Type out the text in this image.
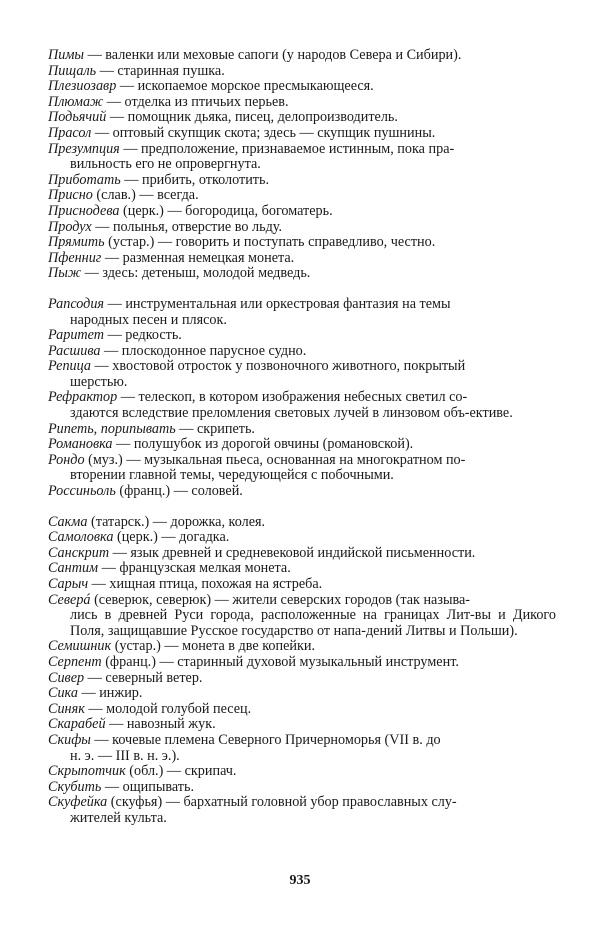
Пимы — валенки или меховые сапоги (у народов Севера и Сибири).

Пищаль — старинная пушка.

Плезиозавр — ископаемое морское пресмыкающееся.

Плюмаж — отделка из птичьих перьев.

Подьячий — помощник дьяка, писец, делопроизводитель.

Прасол — оптовый скупщик скота; здесь — скупщик пушнины.

Презумпция — предположение, признаваемое истинным, пока пра-
вильность его не опровергнута.

Приботать — прибить, отколотить.

Присно (слав.) — всегда.

Приснодева (церк.) — богородица, богоматерь.

Продух — полынья, отверстие во льду.

Прямить (устар.) — говорить и поступать справедливо, честно.

Пфенниг — разменная немецкая монета.

Пыж — здесь: детеныш, молодой медведь.

Рапсодия — инструментальная или оркестровая фантазия на темы
народных песен и плясок.

Раритет — редкость.

Расшива — плоскодонное парусное судно.

Репица — хвостовой отросток у позвоночного животного, покрытый
шерстью.

Рефрактор — телескоп, в котором изображения небесных светил со-
здаются вследствие преломления световых лучей в линзовом объ-ективе.

Рипеть, порипывать — скрипеть.

Романовка — полушубок из дорогой овчины (романовской).

Рондо (муз.) — музыкальная пьеса, основанная на многократном по-
вторении главной темы, чередующейся с побочными.

Россиньоль (франц.) — соловей.

Сакма (татарск.) — дорожка, колея.

Самоловка (церк.) — догадка.

Санскрит — язык древней и средневековой индийской письменности.

Сантим — французская мелкая монета.

Сарыч — хищная птица, похожая на ястреба.

Северá (северюк, северюк) — жители северских городов (так называ-
лись в древней Руси города, расположенные на границах Лит-вы и Дикого Поля, защищавшие Русское государство от напа-дений Литвы и Польши).

Семишник (устар.) — монета в две копейки.

Серпент (франц.) — старинный духовой музыкальный инструмент.

Сивер — северный ветер.

Сика — инжир.

Синяк — молодой голубой песец.

Скарабей — навозный жук.

Скифы — кочевые племена Северного Причерноморья (VII в. до
н. э. — III в. н. э.).

Скрыпотчик (обл.) — скрипач.

Скубить — ощипывать.

Скуфейка (скуфья) — бархатный головной убор православных слу-
жителей культа.

935
